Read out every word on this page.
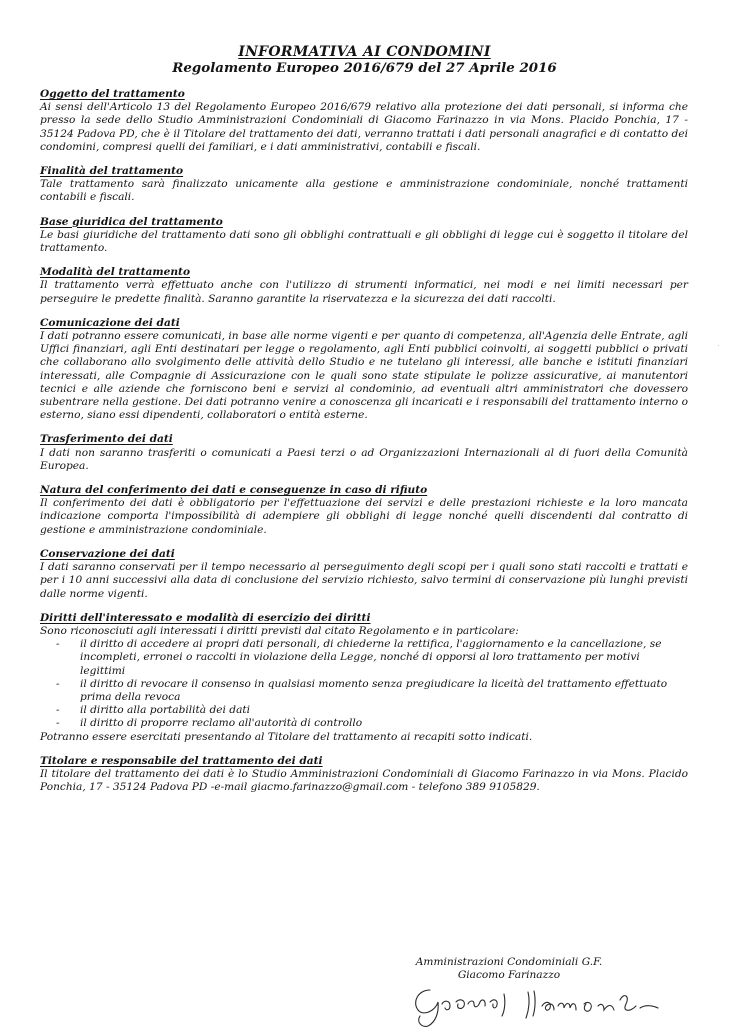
INFORMATIVA AI CONDOMINI
Regolamento Europeo 2016/679 del 27 Aprile 2016
Oggetto del trattamento
Ai sensi dell'Articolo 13 del Regolamento Europeo 2016/679 relativo alla protezione dei dati personali, si informa che presso la sede dello Studio Amministrazioni Condominiali di Giacomo Farinazzo in via Mons. Placido Ponchia, 17 - 35124 Padova PD, che è il Titolare del trattamento dei dati, verranno trattati i dati personali anagrafici e di contatto dei condomini, compresi quelli dei familiari, e i dati amministrativi, contabili e fiscali.
Finalità del trattamento
Tale trattamento sarà finalizzato unicamente alla gestione e amministrazione condominiale, nonché trattamenti contabili e fiscali.
Base giuridica del trattamento
Le basi giuridiche del trattamento dati sono gli obblighi contrattuali e gli obblighi di legge cui è soggetto il titolare del trattamento.
Modalità del trattamento
Il trattamento verrà effettuato anche con l'utilizzo di strumenti informatici, nei modi e nei limiti necessari per perseguire le predette finalità. Saranno garantite la riservatezza e la sicurezza dei dati raccolti.
Comunicazione dei dati
I dati potranno essere comunicati, in base alle norme vigenti e per quanto di competenza, all'Agenzia delle Entrate, agli Uffici finanziari, agli Enti destinatari per legge o regolamento, agli Enti pubblici coinvolti, ai soggetti pubblici o privati che collaborano allo svolgimento delle attività dello Studio e ne tutelano gli interessi, alle banche e istituti finanziari interessati, alle Compagnie di Assicurazione con le quali sono state stipulate le polizze assicurative, ai manutentori tecnici e alle aziende che forniscono beni e servizi al condominio, ad eventuali altri amministratori che dovessero subentrare nella gestione. Dei dati potranno venire a conoscenza gli incaricati e i responsabili del trattamento interno o esterno, siano essi dipendenti, collaboratori o entità esterne.
Trasferimento dei dati
I dati non saranno trasferiti o comunicati a Paesi terzi o ad Organizzazioni Internazionali al di fuori della Comunità Europea.
Natura del conferimento dei dati e conseguenze in caso di rifiuto
Il conferimento dei dati è obbligatorio per l'effettuazione dei servizi e delle prestazioni richieste e la loro mancata indicazione comporta l'impossibilità di adempiere gli obblighi di legge nonché quelli discendenti dal contratto di gestione e amministrazione condominiale.
Conservazione dei dati
I dati saranno conservati per il tempo necessario al perseguimento degli scopi per i quali sono stati raccolti e trattati e per i 10 anni successivi alla data di conclusione del servizio richiesto, salvo termini di conservazione più lunghi previsti dalle norme vigenti.
Diritti dell'interessato e modalità di esercizio dei diritti
Sono riconosciuti agli interessati i diritti previsti dal citato Regolamento e in particolare:
- il diritto di accedere ai propri dati personali, di chiederne la rettifica, l'aggiornamento e la cancellazione, se incompleti, erronei o raccolti in violazione della Legge, nonché di opporsi al loro trattamento per motivi legittimi
- il diritto di revocare il consenso in qualsiasi momento senza pregiudicare la liceità del trattamento effettuato prima della revoca
- il diritto alla portabilità dei dati
- il diritto di proporre reclamo all'autorità di controllo
Potranno essere esercitati presentando al Titolare del trattamento ai recapiti sotto indicati.
Titolare e responsabile del trattamento dei dati
Il titolare del trattamento dei dati è lo Studio Amministrazioni Condominiali di Giacomo Farinazzo in via Mons. Placido Ponchia, 17 - 35124 Padova PD -e-mail giacmo.farinazzo@gmail.com - telefono 389 9105829.
Amministrazioni Condominiali G.F.
Giacomo Farinazzo
